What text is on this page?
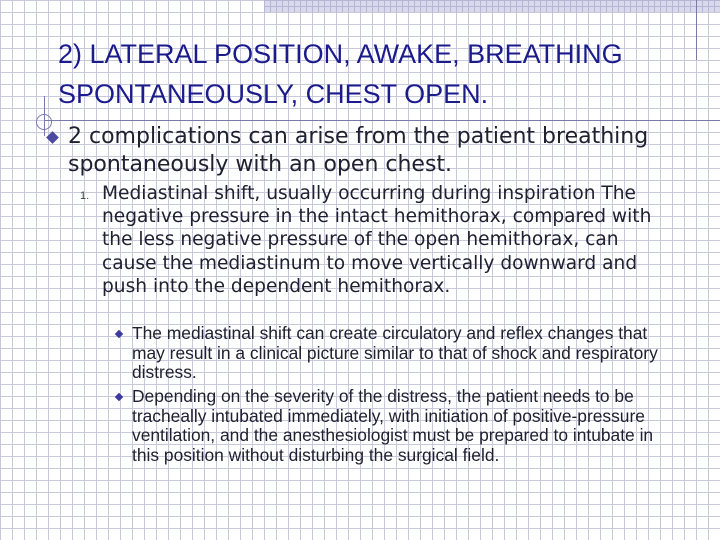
2) LATERAL POSITION, AWAKE, BREATHING SPONTANEOUSLY, CHEST OPEN.
2 complications can arise from the patient breathing spontaneously with an open chest.
1. Mediastinal shift, usually occurring during inspiration The negative pressure in the intact hemithorax, compared with the less negative pressure of the open hemithorax, can cause the mediastinum to move vertically downward and push into the dependent hemithorax.
The mediastinal shift can create circulatory and reflex changes that may result in a clinical picture similar to that of shock and respiratory distress.
Depending on the severity of the distress, the patient needs to be tracheally intubated immediately, with initiation of positive-pressure ventilation, and the anesthesiologist must be prepared to intubate in this position without disturbing the surgical field.
